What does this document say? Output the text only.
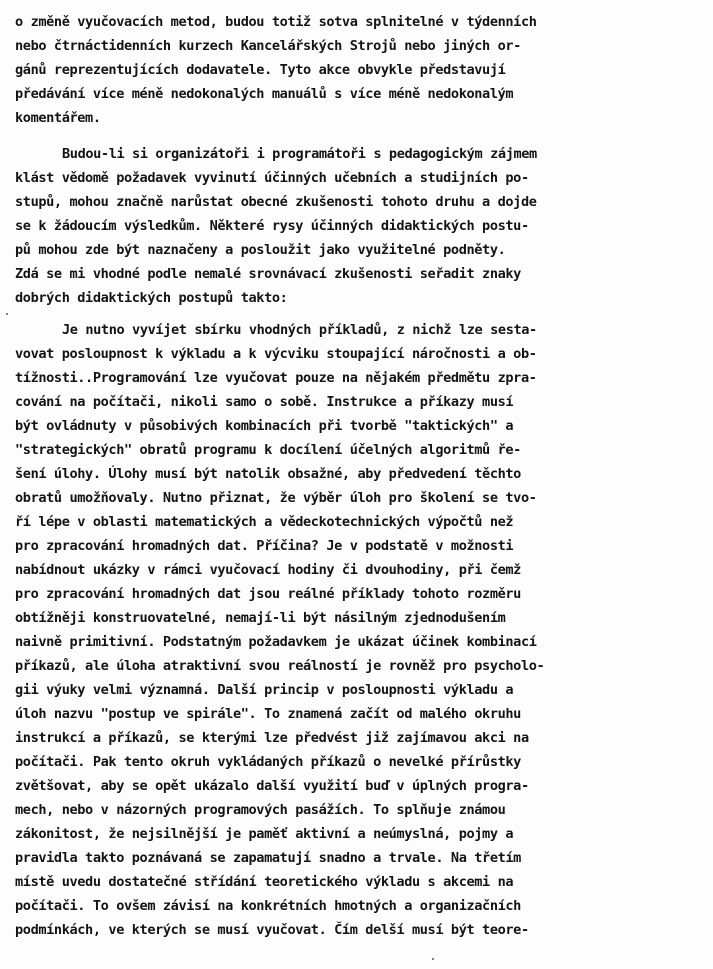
o změně vyučovacích metod, budou totiž sotva splnitelné v týdenních
nebo čtrnáctidenních kurzech Kancelářských Strojů nebo jiných or-
gánů reprezentujících dodavatele. Tyto akce obvykle představují
předávání více méně nedokonalých manuálů s více méně nedokonalým
komentářem.
Budou-li si organizátoři i programátoři s pedagogickým zájmem
klást vědomě požadavek vyvinutí účinných učebních a studijních po-
stupů, mohou značně narůstat obecné zkušenosti tohoto druhu a dojde
se k žádoucím výsledkům. Některé rysy účinných didaktických postu-
pů mohou zde být naznačeny a posloužit jako využitelné podněty.
Zdá se mi vhodné podle nemalé srovnávací zkušenosti seřadit znaky
dobrých didaktických postupů takto:
Je nutno vyvíjet sbírku vhodných příkladů, z nichž lze sesta-
vovat posloupnost k výkladu a k výcviku stoupající náročnosti a ob-
tížnosti..Programování lze vyučovat pouze na nějakém předmětu zpra-
cování na počítači, nikoli samo o sobě. Instrukce a příkazy musí
být ovládnuty v působivých kombinacích při tvorbě "taktických" a
"strategických" obratů programu k docílení účelných algoritmů ře-
šení úlohy. Úlohy musí být natolik obsažné, aby předvedení těchto
obratů umožňovaly. Nutno přiznat, že výběr úloh pro školení se tvo-
ří lépe v oblasti matematických a vědeckotechnických výpočtů než
pro zpracování hromadných dat. Příčina? Je v podstatě v možnosti
nabídnout ukázky v rámci vyučovací hodiny či dvouhodiny, při čemž
pro zpracování hromadných dat jsou reálné příklady tohoto rozměru
obtížněji konstruovatelné, nemají-li být násilným zjednodušením
naivně primitivní. Podstatným požadavkem je ukázat účinek kombinací
příkazů, ale úloha atraktivní svou reálností je rovněž pro psycholo-
gii výuky velmi významná. Další princip v posloupnosti výkladu a
úloh nazvu "postup ve spirále". To znamená začít od malého okruhu
instrukcí a příkazů, se kterými lze předvést již zajímavou akci na
počítači. Pak tento okruh vykládaných příkazů o nevelké přírůstky
zvětšovat, aby se opět ukázalo další využití buď v úplných progra-
mech, nebo v názorných programových pasážích. To splňuje známou
zákonitost, že nejsilnější je paměť aktivní a neúmyslná, pojmy a
pravidla takto poznávaná se zapamatují snadno a trvale. Na třetím
místě uvedu dostatečné střídání teoretického výkladu s akcemi na
počítači. To ovšem závisí na konkrétních hmotných a organizačních
podmínkách, ve kterých se musí vyučovat. Čím delší musí být teore-
